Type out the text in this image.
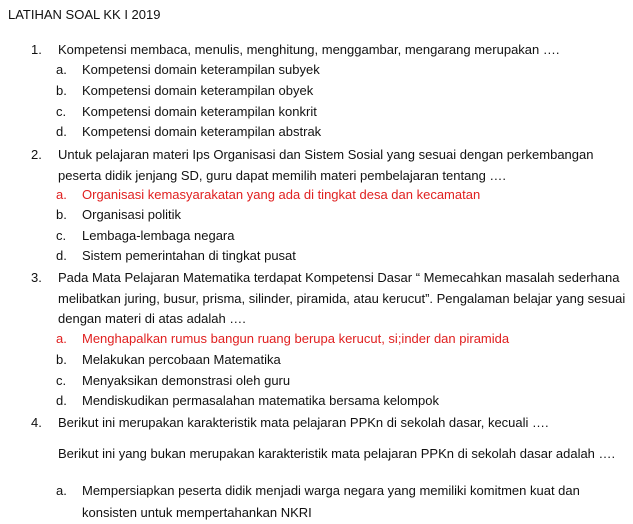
LATIHAN SOAL KK I 2019
1. Kompetensi membaca, menulis, menghitung, menggambar, mengarang merupakan ….
a. Kompetensi domain keterampilan subyek
b. Kompetensi domain keterampilan obyek
c. Kompetensi domain keterampilan konkrit
d. Kompetensi domain keterampilan abstrak
2. Untuk pelajaran materi Ips Organisasi dan Sistem Sosial yang sesuai dengan perkembangan peserta didik jenjang SD, guru dapat memilih materi pembelajaran tentang ….
a. Organisasi kemasyarakatan yang ada di tingkat desa dan kecamatan
b. Organisasi politik
c. Lembaga-lembaga negara
d. Sistem pemerintahan di tingkat pusat
3. Pada Mata Pelajaran Matematika terdapat Kompetensi Dasar “ Memecahkan masalah sederhana melibatkan juring, busur, prisma, silinder, piramida, atau kerucut”. Pengalaman belajar yang sesuai dengan materi di atas adalah ….
a. Menghapalkan rumus bangun ruang berupa kerucut, si;inder dan piramida
b. Melakukan percobaan Matematika
c. Menyaksikan demonstrasi oleh guru
d. Mendiskudikan permasalahan matematika bersama kelompok
4. Berikut ini merupakan karakteristik mata pelajaran PPKn di sekolah dasar, kecuali ….
Berikut ini yang bukan merupakan karakteristik mata pelajaran PPKn di sekolah dasar adalah ….
a. Mempersiapkan peserta didik menjadi warga negara yang memiliki komitmen kuat dan konsisten untuk mempertahankan NKRI
